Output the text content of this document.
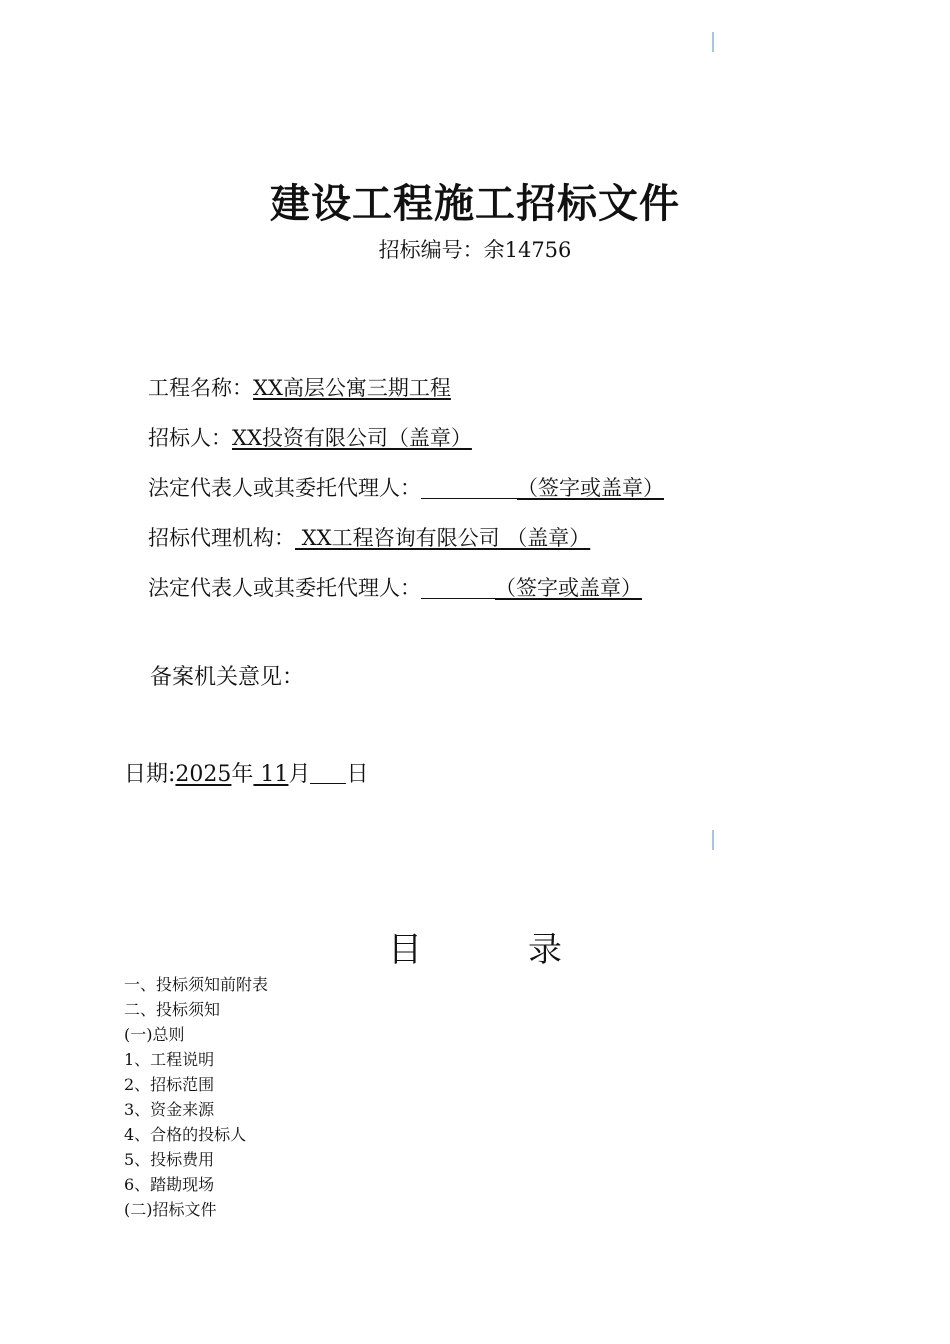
建设工程施工招标文件
招标编号：余14756
工程名称：XX高层公寓三期工程
招标人：XX投资有限公司（盖章）
法定代表人或其委托代理人：	（签字或盖章）
招标代理机构： XX工程咨询有限公司 （盖章）
法定代表人或其委托代理人：	（签字或盖章）
备案机关意见：
日期:2025年 11月 日
目	录
一、投标须知前附表
二、投标须知
(一)总则
1、工程说明
2、招标范围
3、资金来源
4、合格的投标人
5、投标费用
6、踏勘现场
(二)招标文件
